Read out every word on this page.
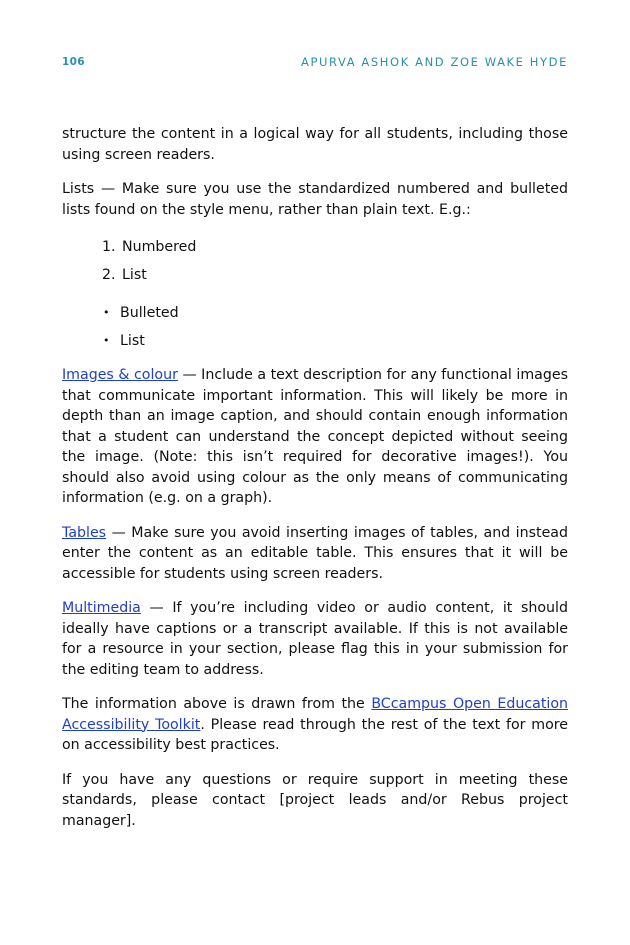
106	APURVA ASHOK AND ZOE WAKE HYDE

structure the content in a logical way for all students, including those using screen readers.

Lists — Make sure you use the standardized numbered and bulleted lists found on the style menu, rather than plain text. E.g.:

1. Numbered
2. List
• Bulleted
• List

Images & colour — Include a text description for any functional images that communicate important information. This will likely be more in depth than an image caption, and should contain enough information that a student can understand the concept depicted without seeing the image. (Note: this isn’t required for decorative images!). You should also avoid using colour as the only means of communicating information (e.g. on a graph).

Tables — Make sure you avoid inserting images of tables, and instead enter the content as an editable table. This ensures that it will be accessible for students using screen readers.

Multimedia — If you’re including video or audio content, it should ideally have captions or a transcript available. If this is not available for a resource in your section, please flag this in your submission for the editing team to address.

The information above is drawn from the BCcampus Open Education Accessibility Toolkit. Please read through the rest of the text for more on accessibility best practices.

If you have any questions or require support in meeting these standards, please contact [project leads and/or Rebus project manager].
